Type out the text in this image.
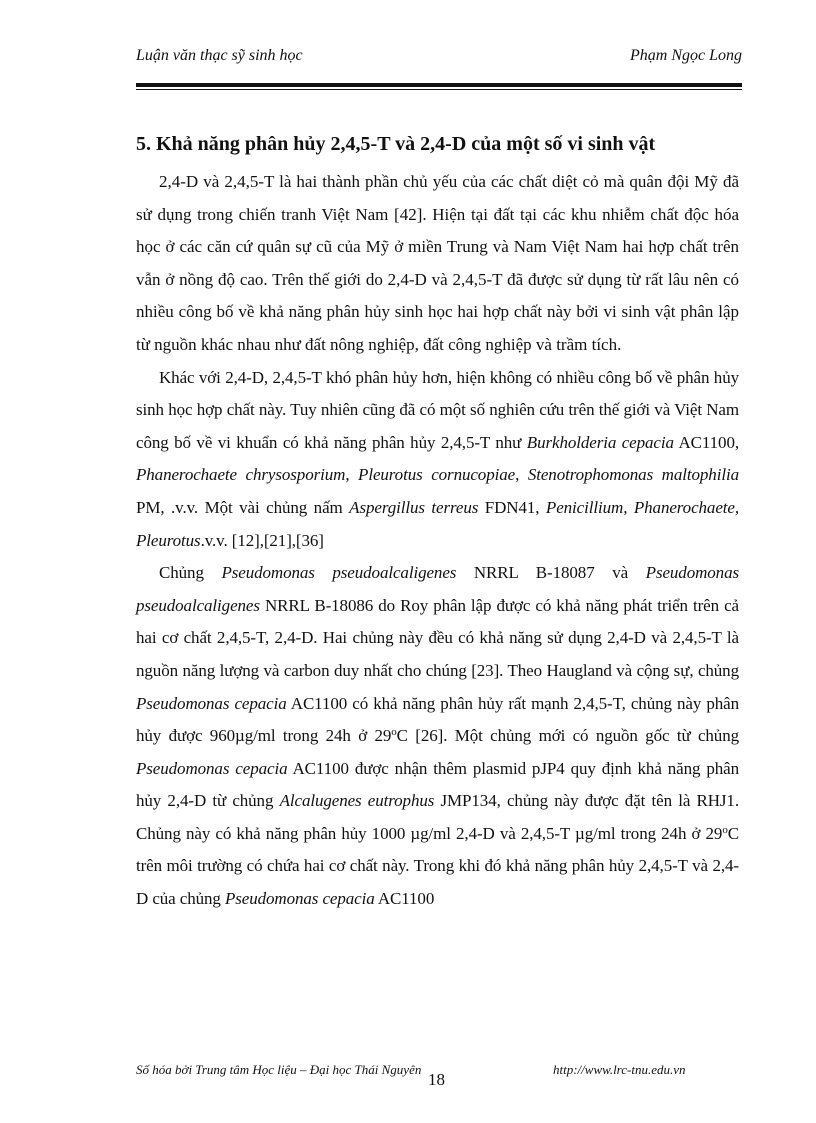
Luận văn thạc sỹ sinh học	Phạm Ngọc Long
5. Khả năng phân hủy 2,4,5-T và 2,4-D của một số vi sinh vật

2,4-D và 2,4,5-T là hai thành phần chủ yếu của các chất diệt cỏ mà quân đội Mỹ đã sử dụng trong chiến tranh Việt Nam [42]. Hiện tại đất tại các khu nhiễm chất độc hóa học ở các căn cứ quân sự cũ của Mỹ ở miền Trung và Nam Việt Nam hai hợp chất trên vẫn ở nồng độ cao. Trên thế giới do 2,4-D và 2,4,5-T đã được sử dụng từ rất lâu nên có nhiều công bố về khả năng phân hủy sinh học hai hợp chất này bởi vi sinh vật phân lập từ nguồn khác nhau như đất nông nghiệp, đất công nghiệp và trầm tích.

Khác với 2,4-D, 2,4,5-T khó phân hủy hơn, hiện không có nhiều công bố về phân hủy sinh học hợp chất này. Tuy nhiên cũng đã có một số nghiên cứu trên thế giới và Việt Nam công bố về vi khuẩn có khả năng phân hủy 2,4,5-T như Burkholderia cepacia AC1100, Phanerochaete chrysosporium, Pleurotus cornucopiae, Stenotrophomonas maltophilia PM, .v.v. Một vài chủng nấm Aspergillus terreus FDN41, Penicillium, Phanerochaete, Pleurotus.v.v. [12],[21],[36]

Chủng Pseudomonas pseudoalcaligenes NRRL B-18087 và Pseudomonas pseudoalcaligenes NRRL B-18086 do Roy phân lập được có khả năng phát triển trên cả hai cơ chất 2,4,5-T, 2,4-D. Hai chủng này đều có khả năng sử dụng 2,4-D và 2,4,5-T là nguồn năng lượng và carbon duy nhất cho chúng [23]. Theo Haugland và cộng sự, chủng Pseudomonas cepacia AC1100 có khả năng phân hủy rất mạnh 2,4,5-T, chủng này phân hủy được 960µg/ml trong 24h ở 29$^o$C [26]. Một chủng mới có nguồn gốc từ chủng Pseudomonas cepacia AC1100 được nhận thêm plasmid pJP4 quy định khả năng phân hủy 2,4-D từ chủng Alcalugenes eutrophus JMP134, chủng này được đặt tên là RHJ1. Chủng này có khả năng phân hủy 1000 µg/ml 2,4-D và 2,4,5-T µg/ml trong 24h ở 29$^o$C trên môi trường có chứa hai cơ chất này. Trong khi đó khả năng phân hủy 2,4,5-T và 2,4-D của chủng Pseudomonas cepacia AC1100

Số hóa bởi Trung tâm Học liệu – Đại học Thái Nguyên	http://www.lrc-tnu.edu.vn
18
